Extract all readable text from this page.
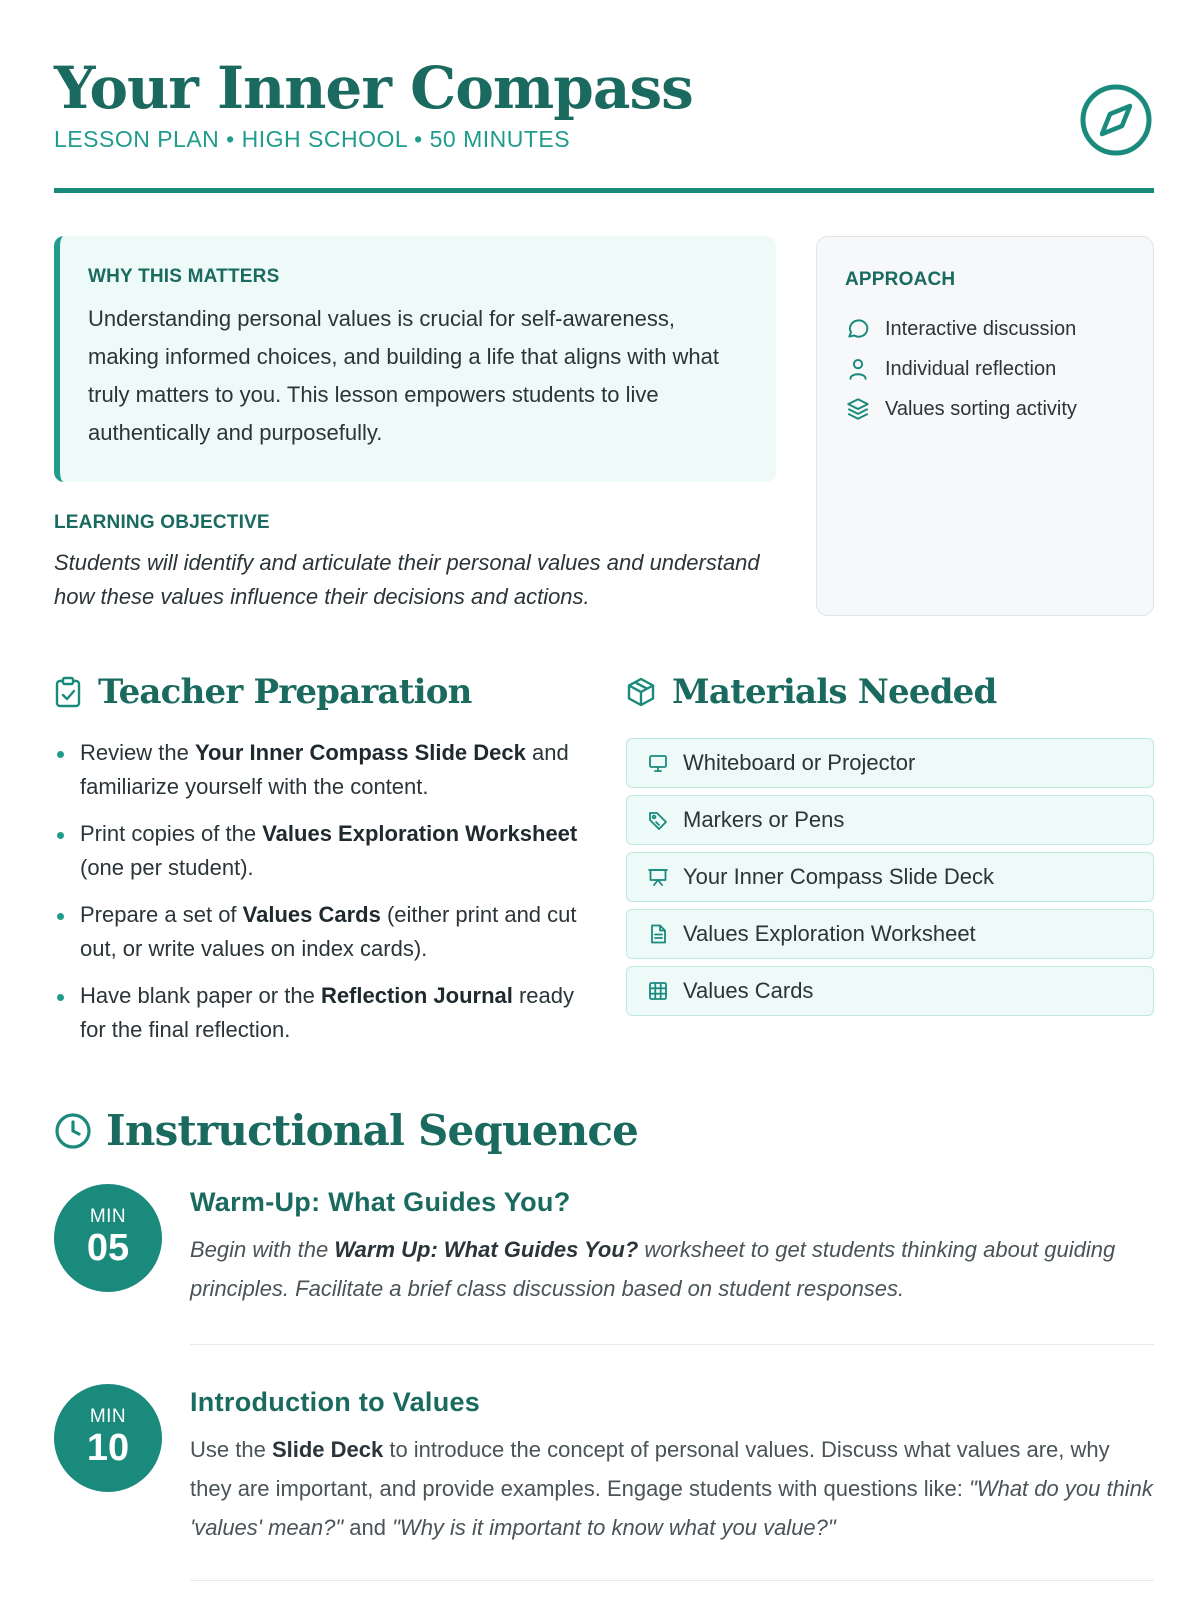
Your Inner Compass
LESSON PLAN • HIGH SCHOOL • 50 MINUTES
WHY THIS MATTERS

Understanding personal values is crucial for self-awareness, making informed choices, and building a life that aligns with what truly matters to you. This lesson empowers students to live authentically and purposefully.

LEARNING OBJECTIVE

Students will identify and articulate their personal values and understand how these values influence their decisions and actions.

APPROACH
Interactive discussion
Individual reflection
Values sorting activity
Teacher Preparation
Review the Your Inner Compass Slide Deck and familiarize yourself with the content.
Print copies of the Values Exploration Worksheet (one per student).
Prepare a set of Values Cards (either print and cut out, or write values on index cards).
Have blank paper or the Reflection Journal ready for the final reflection.
Materials Needed
Whiteboard or Projector
Markers or Pens
Your Inner Compass Slide Deck
Values Exploration Worksheet
Values Cards
Instructional Sequence
MIN
05
Warm-Up: What Guides You?

Begin with the Warm Up: What Guides You? worksheet to get students thinking about guiding principles. Facilitate a brief class discussion based on student responses.

MIN
10
Introduction to Values

Use the Slide Deck to introduce the concept of personal values. Discuss what values are, why they are important, and provide examples. Engage students with questions like: "What do you think 'values' mean?" and "Why is it important to know what you value?"
